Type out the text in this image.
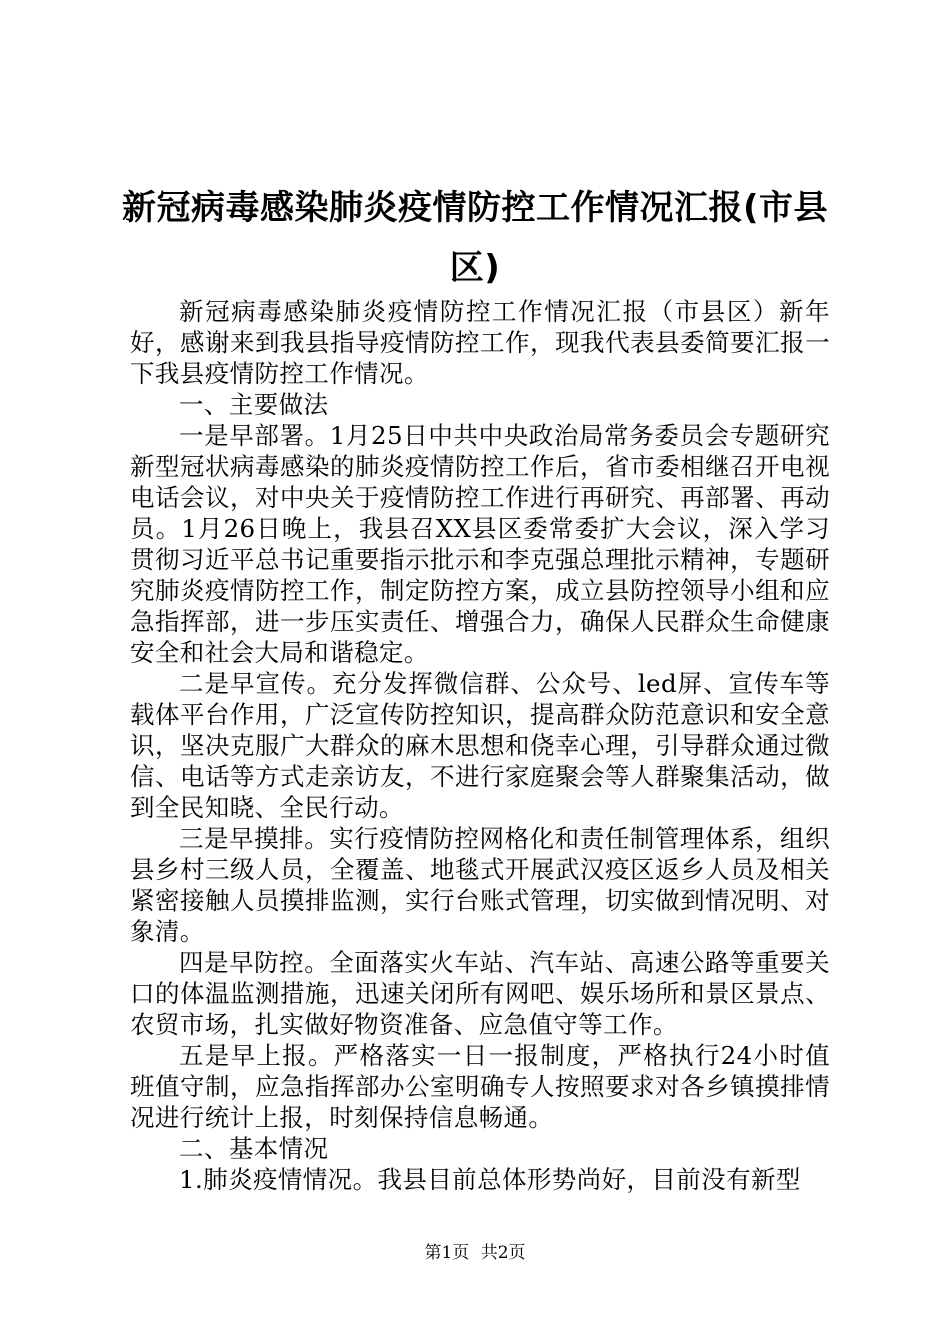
新冠病毒感染肺炎疫情防控工作情况汇报(市县区)

新冠病毒感染肺炎疫情防控工作情况汇报（市县区）新年好，感谢来到我县指导疫情防控工作，现我代表县委简要汇报一下我县疫情防控工作情况。

一、主要做法

一是早部署。1月25日中共中央政治局常务委员会专题研究新型冠状病毒感染的肺炎疫情防控工作后，省市委相继召开电视电话会议，对中央关于疫情防控工作进行再研究、再部署、再动员。1月26日晚上，我县召XX县区委常委扩大会议，深入学习贯彻习近平总书记重要指示批示和李克强总理批示精神，专题研究肺炎疫情防控工作，制定防控方案，成立县防控领导小组和应急指挥部，进一步压实责任、增强合力，确保人民群众生命健康安全和社会大局和谐稳定。

二是早宣传。充分发挥微信群、公众号、led屏、宣传车等载体平台作用，广泛宣传防控知识，提高群众防范意识和安全意识，坚决克服广大群众的麻木思想和侥幸心理，引导群众通过微信、电话等方式走亲访友，不进行家庭聚会等人群聚集活动，做到全民知晓、全民行动。

三是早摸排。实行疫情防控网格化和责任制管理体系，组织县乡村三级人员，全覆盖、地毯式开展武汉疫区返乡人员及相关紧密接触人员摸排监测，实行台账式管理，切实做到情况明、对象清。

四是早防控。全面落实火车站、汽车站、高速公路等重要关口的体温监测措施，迅速关闭所有网吧、娱乐场所和景区景点、农贸市场，扎实做好物资准备、应急值守等工作。

五是早上报。严格落实一日一报制度，严格执行24小时值班值守制，应急指挥部办公室明确专人按照要求对各乡镇摸排情况进行统计上报，时刻保持信息畅通。

二、基本情况

1.肺炎疫情情况。我县目前总体形势尚好，目前没有新型

第1页 共2页
